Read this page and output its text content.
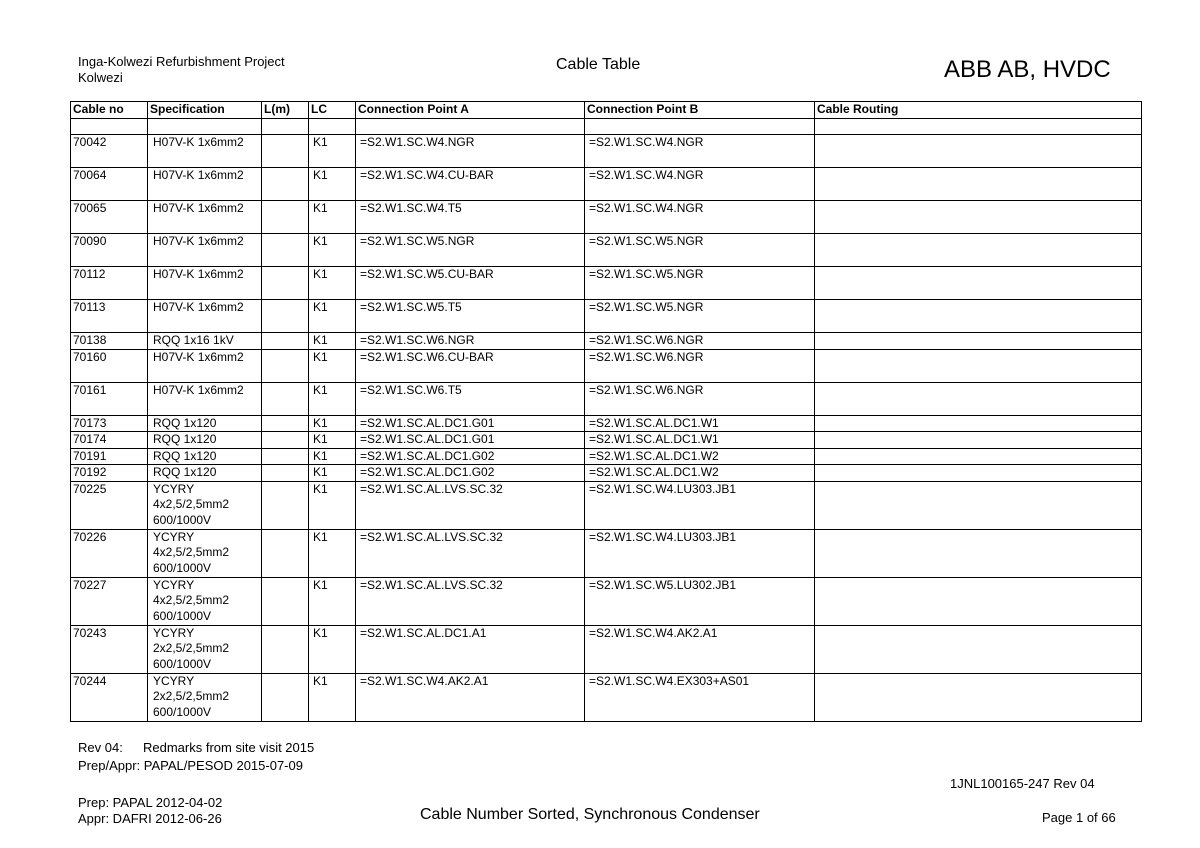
Inga-Kolwezi Refurbishment Project
Kolwezi
Cable Table	ABB AB, HVDC
Cable no	Specification	L(m)	LC	Connection Point A	Connection Point B	Cable Routing

70042	H07V-K 1x6mm2		K1	=S2.W1.SC.W4.NGR	=S2.W1.SC.W4.NGR	
70064	H07V-K 1x6mm2		K1	=S2.W1.SC.W4.CU-BAR	=S2.W1.SC.W4.NGR	
70065	H07V-K 1x6mm2		K1	=S2.W1.SC.W4.T5	=S2.W1.SC.W4.NGR	
70090	H07V-K 1x6mm2		K1	=S2.W1.SC.W5.NGR	=S2.W1.SC.W5.NGR	
70112	H07V-K 1x6mm2		K1	=S2.W1.SC.W5.CU-BAR	=S2.W1.SC.W5.NGR	
70113	H07V-K 1x6mm2		K1	=S2.W1.SC.W5.T5	=S2.W1.SC.W5.NGR	
70138	RQQ 1x16 1kV		K1	=S2.W1.SC.W6.NGR	=S2.W1.SC.W6.NGR	
70160	H07V-K 1x6mm2		K1	=S2.W1.SC.W6.CU-BAR	=S2.W1.SC.W6.NGR	
70161	H07V-K 1x6mm2		K1	=S2.W1.SC.W6.T5	=S2.W1.SC.W6.NGR	
70173	RQQ 1x120		K1	=S2.W1.SC.AL.DC1.G01	=S2.W1.SC.AL.DC1.W1	
70174	RQQ 1x120		K1	=S2.W1.SC.AL.DC1.G01	=S2.W1.SC.AL.DC1.W1	
70191	RQQ 1x120		K1	=S2.W1.SC.AL.DC1.G02	=S2.W1.SC.AL.DC1.W2	
70192	RQQ 1x120		K1	=S2.W1.SC.AL.DC1.G02	=S2.W1.SC.AL.DC1.W2	
70225	YCYRY
4x2,5/2,5mm2
600/1000V		K1	=S2.W1.SC.AL.LVS.SC.32	=S2.W1.SC.W4.LU303.JB1	
70226	YCYRY
4x2,5/2,5mm2
600/1000V		K1	=S2.W1.SC.AL.LVS.SC.32	=S2.W1.SC.W4.LU303.JB1	
70227	YCYRY
4x2,5/2,5mm2
600/1000V		K1	=S2.W1.SC.AL.LVS.SC.32	=S2.W1.SC.W5.LU302.JB1	
70243	YCYRY
2x2,5/2,5mm2
600/1000V		K1	=S2.W1.SC.AL.DC1.A1	=S2.W1.SC.W4.AK2.A1	
70244	YCYRY
2x2,5/2,5mm2
600/1000V		K1	=S2.W1.SC.W4.AK2.A1	=S2.W1.SC.W4.EX303+AS01	
Rev 04: Redmarks from site visit 2015
Prep/Appr: PAPAL/PESOD 2015-07-09
1JNL100165-247 Rev 04
Prep: PAPAL 2012-04-02
Appr: DAFRI 2012-06-26	Cable Number Sorted, Synchronous Condenser	Page 1 of 66
